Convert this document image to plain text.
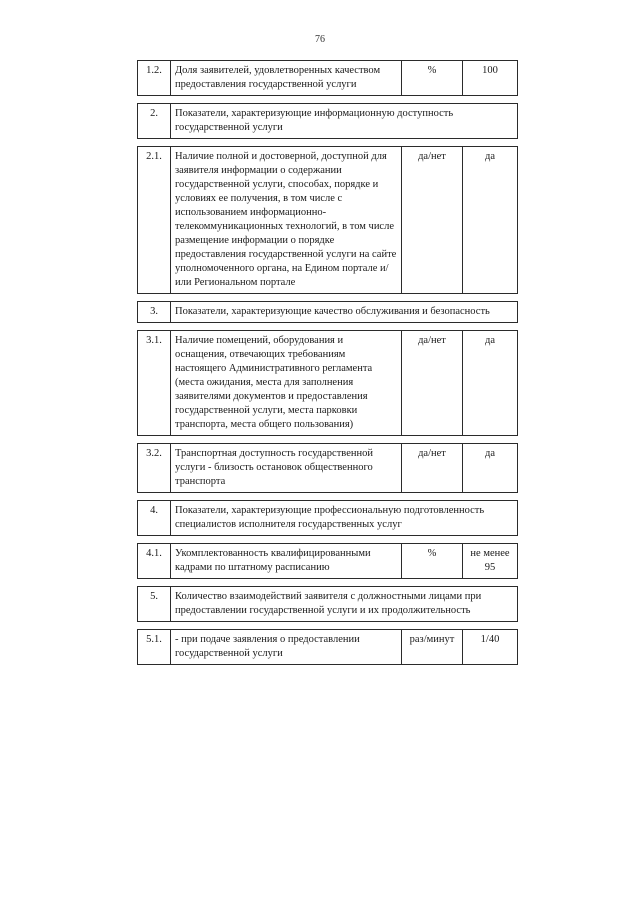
76
1.2.	Доля заявителей, удовлетворенных качеством предоставления государственной услуги	%	100

2.	Показатели, характеризующие информационную доступность государственной услуги		

2.1.	Наличие полной и достоверной, доступной для заявителя информации о содержании государственной услуги, способах, порядке и условиях ее получения, в том числе с использованием информационно-телекоммуникационных технологий, в том числе размещение информации о порядке предоставления государственной услуги на сайте уполномоченного органа, на Едином портале и/или Региональном портале	да/нет	да

3.	Показатели, характеризующие качество обслуживания и безопасность		

3.1.	Наличие помещений, оборудования и оснащения, отвечающих требованиям настоящего Административного регламента (места ожидания, места для заполнения заявителями документов и предоставления государственной услуги, места парковки транспорта, места общего пользования)	да/нет	да

3.2.	Транспортная доступность государственной услуги - близость остановок общественного транспорта	да/нет	да

4.	Показатели, характеризующие профессиональную подготовленность специалистов исполнителя государственных услуг		

4.1.	Укомплектованность квалифицированными кадрами по штатному расписанию	%	не менее 95

5.	Количество взаимодействий заявителя с должностными лицами при предоставлении государственной услуги и их продолжительность		

5.1.	- при подаче заявления о предоставлении государственной услуги	раз/минут	1/40
